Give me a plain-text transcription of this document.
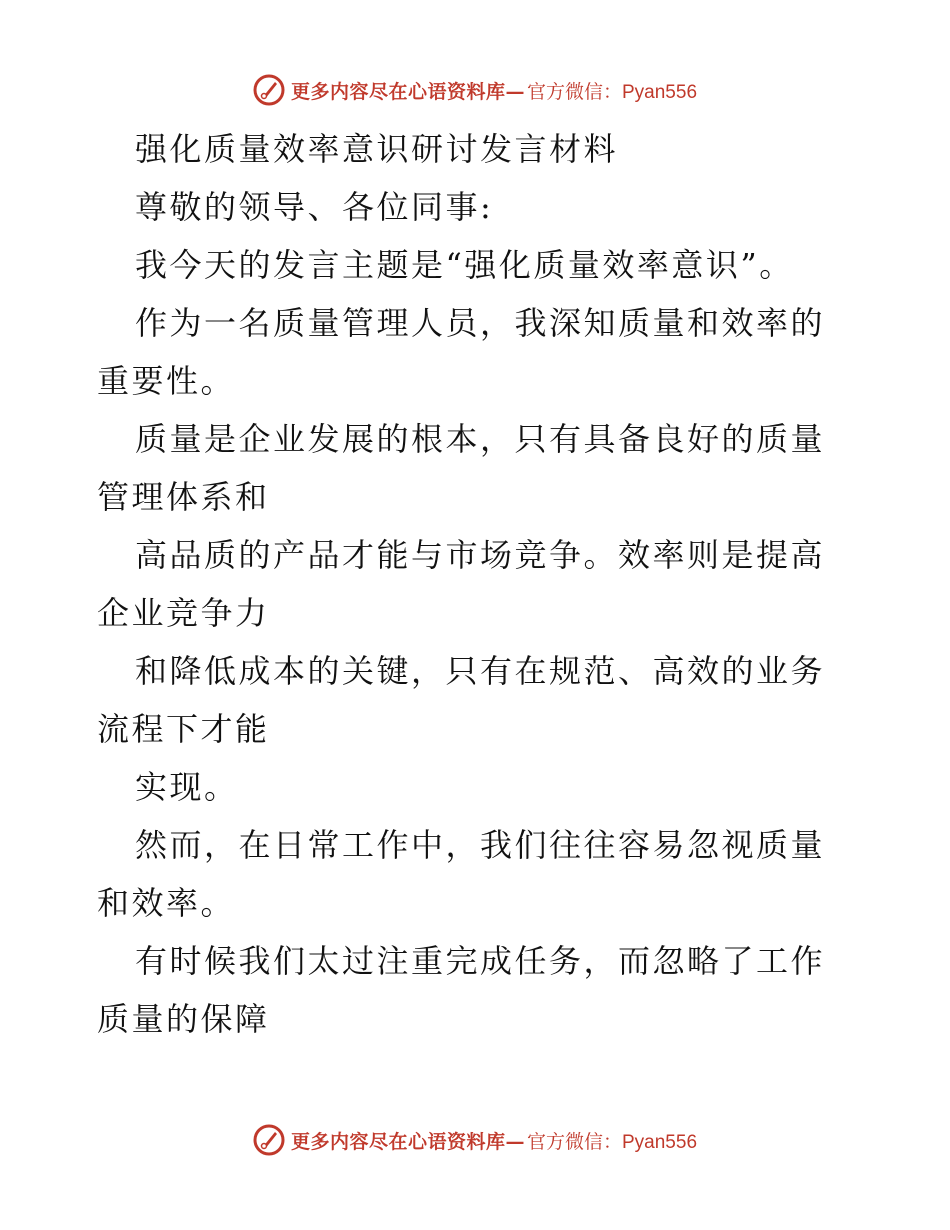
更多内容尽在心语资料库— 官方微信：Pyan556

强化质量效率意识研讨发言材料

尊敬的领导、各位同事:

我今天的发言主题是“强化质量效率意识”。

作为一名质量管理人员，我深知质量和效率的重要性。

质量是企业发展的根本，只有具备良好的质量管理体系和

高品质的产品才能与市场竞争。效率则是提高企业竞争力

和降低成本的关键，只有在规范、高效的业务流程下才能

实现。

然而，在日常工作中，我们往往容易忽视质量和效率。

有时候我们太过注重完成任务，而忽略了工作质量的保障

更多内容尽在心语资料库— 官方微信：Pyan556
